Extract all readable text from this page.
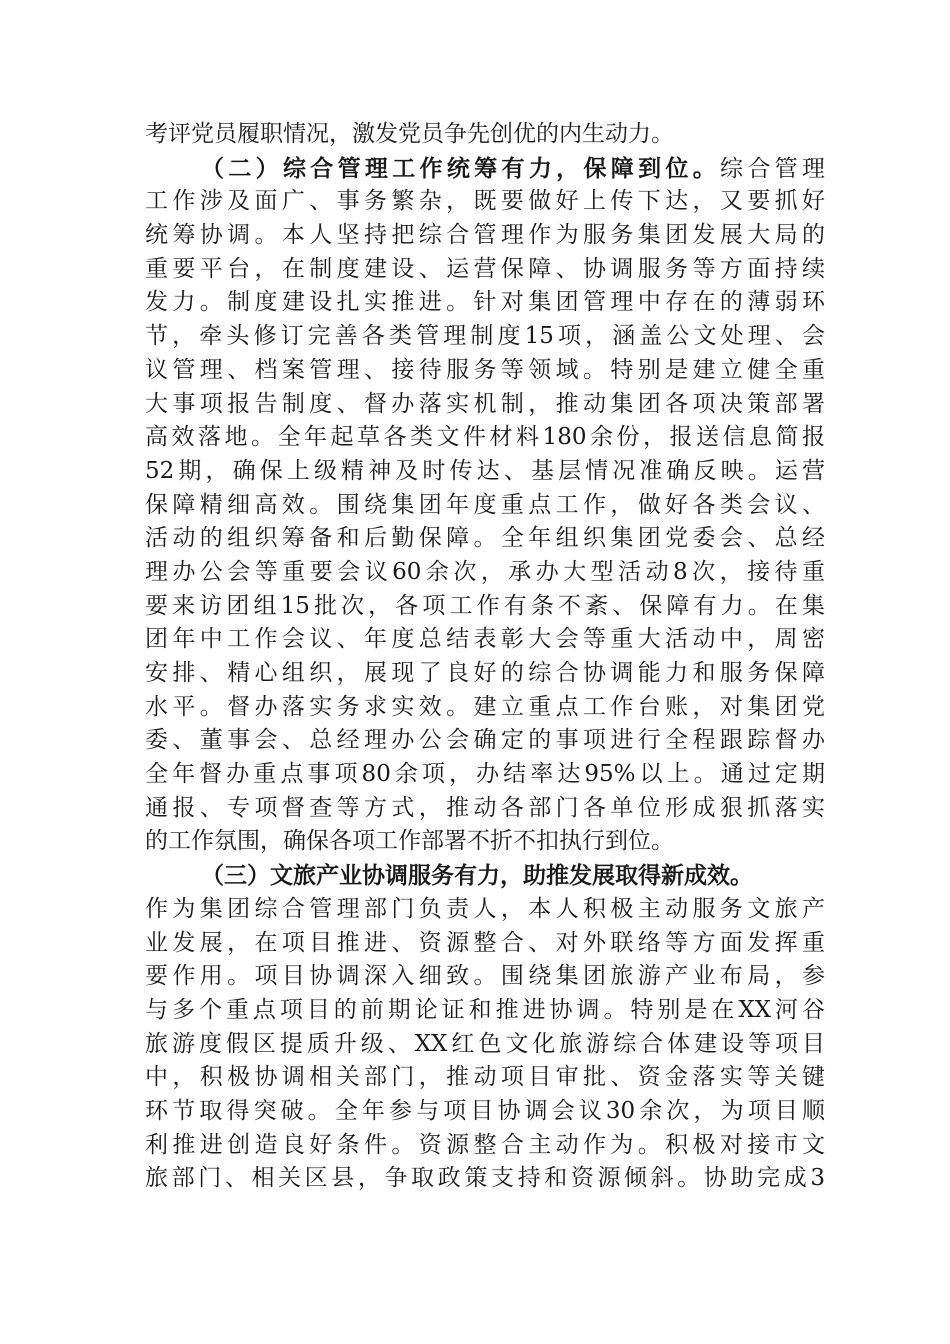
考评党员履职情况，激发党员争先创优的内生动力。
（二）综合管理工作统筹有力，保障到位。综合管理
工作涉及面广、事务繁杂，既要做好上传下达，又要抓好
统筹协调。本人坚持把综合管理作为服务集团发展大局的
重要平台，在制度建设、运营保障、协调服务等方面持续
发力。制度建设扎实推进。针对集团管理中存在的薄弱环
节，牵头修订完善各类管理制度15项，涵盖公文处理、会
议管理、档案管理、接待服务等领域。特别是建立健全重
大事项报告制度、督办落实机制，推动集团各项决策部署
高效落地。全年起草各类文件材料180余份，报送信息简报
52期，确保上级精神及时传达、基层情况准确反映。运营
保障精细高效。围绕集团年度重点工作，做好各类会议、
活动的组织筹备和后勤保障。全年组织集团党委会、总经
理办公会等重要会议60余次，承办大型活动8次，接待重
要来访团组15批次，各项工作有条不紊、保障有力。在集
团年中工作会议、年度总结表彰大会等重大活动中，周密
安排、精心组织，展现了良好的综合协调能力和服务保障
水平。督办落实务求实效。建立重点工作台账，对集团党
委、董事会、总经理办公会确定的事项进行全程跟踪督办
全年督办重点事项80余项，办结率达95%以上。通过定期
通报、专项督查等方式，推动各部门各单位形成狠抓落实
的工作氛围，确保各项工作部署不折不扣执行到位。
（三）文旅产业协调服务有力，助推发展取得新成效。
作为集团综合管理部门负责人，本人积极主动服务文旅产
业发展，在项目推进、资源整合、对外联络等方面发挥重
要作用。项目协调深入细致。围绕集团旅游产业布局，参
与多个重点项目的前期论证和推进协调。特别是在XX河谷
旅游度假区提质升级、XX红色文化旅游综合体建设等项目
中，积极协调相关部门，推动项目审批、资金落实等关键
环节取得突破。全年参与项目协调会议30余次，为项目顺
利推进创造良好条件。资源整合主动作为。积极对接市文
旅部门、相关区县，争取政策支持和资源倾斜。协助完成3
